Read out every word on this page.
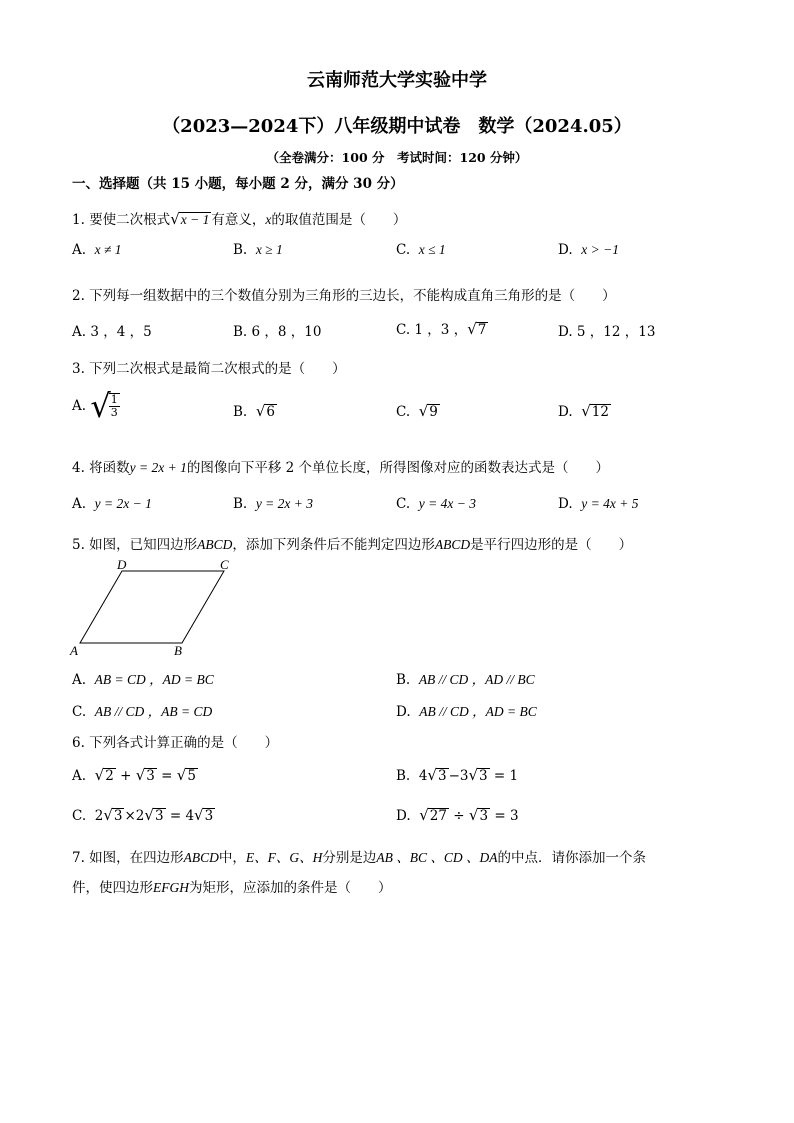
云南师范大学实验中学
（2023—2024下）八年级期中试卷　数学（2024.05）
（全卷满分：100 分　考试时间：120 分钟）
一、选择题（共 15 小题，每小题 2 分，满分 30 分）
1. 要使二次根式√x − 1 有意义，x的取值范围是（　　）
A. x ≠ 1	B. x ≥ 1	C. x ≤ 1	D. x > −1
2. 下列每一组数据中的三个数值分别为三角形的三边长，不能构成直角三角形的是（　　）
A. 3 ，4 ，5	B. 6 ，8 ，10	C. 1 ，3 ，√7	D. 5 ，12 ，13
3. 下列二次根式是最简二次根式的是（　　）
A. √
$\frac{1}{3}$	B. √6	C. √9	D. √12
4. 将函数y = 2x + 1的图像向下平移 2 个单位长度，所得图像对应的函数表达式是（　　）
A. y = 2x − 1	B. y = 2x + 3	C. y = 4x − 3	D. y = 4x + 5
5. 如图，已知四边形ABCD，添加下列条件后不能判定四边形ABCD是平行四边形的是（　　）
D	C
A	B
A. AB = CD ，AD = BC	B. AB // CD ，AD // BC
C. AB // CD ，AB = CD	D. AB // CD ，AD = BC
6. 下列各式计算正确的是（　　）
A. √2 + √3 = √5	B. 4√3 −3√3 = 1
C. 2√3 ×2√3 = 4√3	D. √27 ÷ √3 = 3
7. 如图，在四边形ABCD中，E、F、G、H分别是边AB 、BC 、CD 、DA的中点．请你添加一个条
件，使四边形EFGH为矩形，应添加的条件是（　　）
